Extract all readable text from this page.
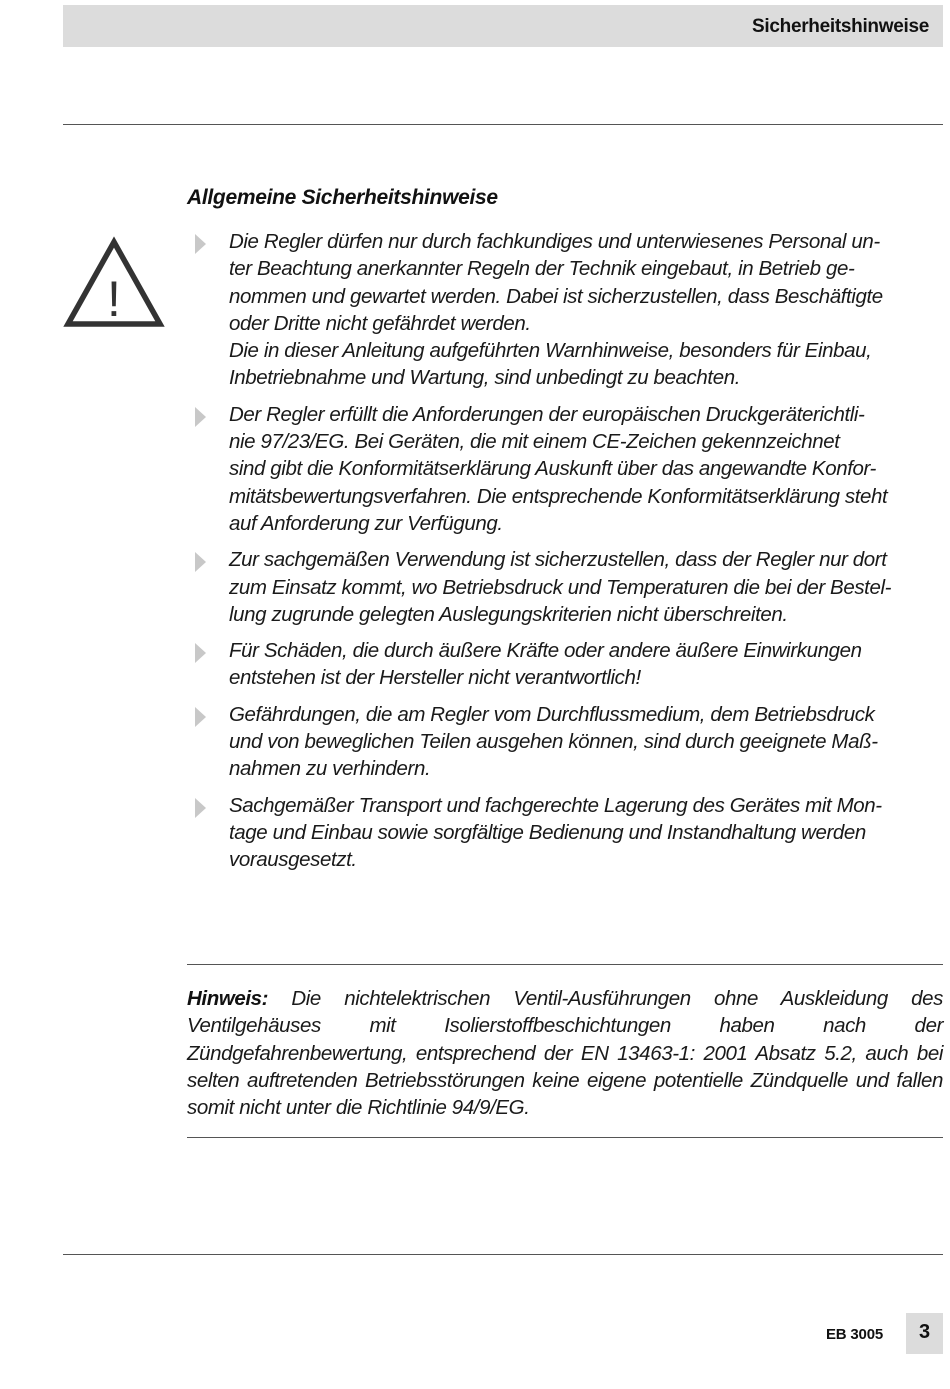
Sicherheitshinweise
!
Allgemeine Sicherheitshinweise
Die Regler dürfen nur durch fachkundiges und unterwiesenes Personal un-
ter Beachtung anerkannter Regeln der Technik eingebaut, in Betrieb ge-
nommen und gewartet werden. Dabei ist sicherzustellen, dass Beschäftigte
oder Dritte nicht gefährdet werden.
Die in dieser Anleitung aufgeführten Warnhinweise, besonders für Einbau,
Inbetriebnahme und Wartung, sind unbedingt zu beachten.
Der Regler erfüllt die Anforderungen der europäischen Druckgeräterichtli-
nie 97/23/EG. Bei Geräten, die mit einem CE-Zeichen gekennzeichnet
sind gibt die Konformitätserklärung Auskunft über das angewandte Konfor-
mitätsbewertungsverfahren. Die entsprechende Konformitätserklärung steht
auf Anforderung zur Verfügung.
Zur sachgemäßen Verwendung ist sicherzustellen, dass der Regler nur dort
zum Einsatz kommt, wo Betriebsdruck und Temperaturen die bei der Bestel-
lung zugrunde gelegten Auslegungskriterien nicht überschreiten.
Für Schäden, die durch äußere Kräfte oder andere äußere Einwirkungen
entstehen ist der Hersteller nicht verantwortlich!
Gefährdungen, die am Regler vom Durchflussmedium, dem Betriebsdruck
und von beweglichen Teilen ausgehen können, sind durch geeignete Maß-
nahmen zu verhindern.
Sachgemäßer Transport und fachgerechte Lagerung des Gerätes mit Mon-
tage und Einbau sowie sorgfältige Bedienung und Instandhaltung werden
vorausgesetzt.
Hinweis: Die nichtelektrischen Ventil-Ausführungen ohne Auskleidung des Ventilgehäuses mit Isolierstoffbeschichtungen haben nach der Zündgefahrenbewertung, entsprechend der EN 13463-1: 2001 Absatz 5.2, auch bei selten auftretenden Betriebsstörungen keine eigene potentielle Zündquelle und fallen somit nicht unter die Richtlinie 94/9/EG.
EB 3005	3
